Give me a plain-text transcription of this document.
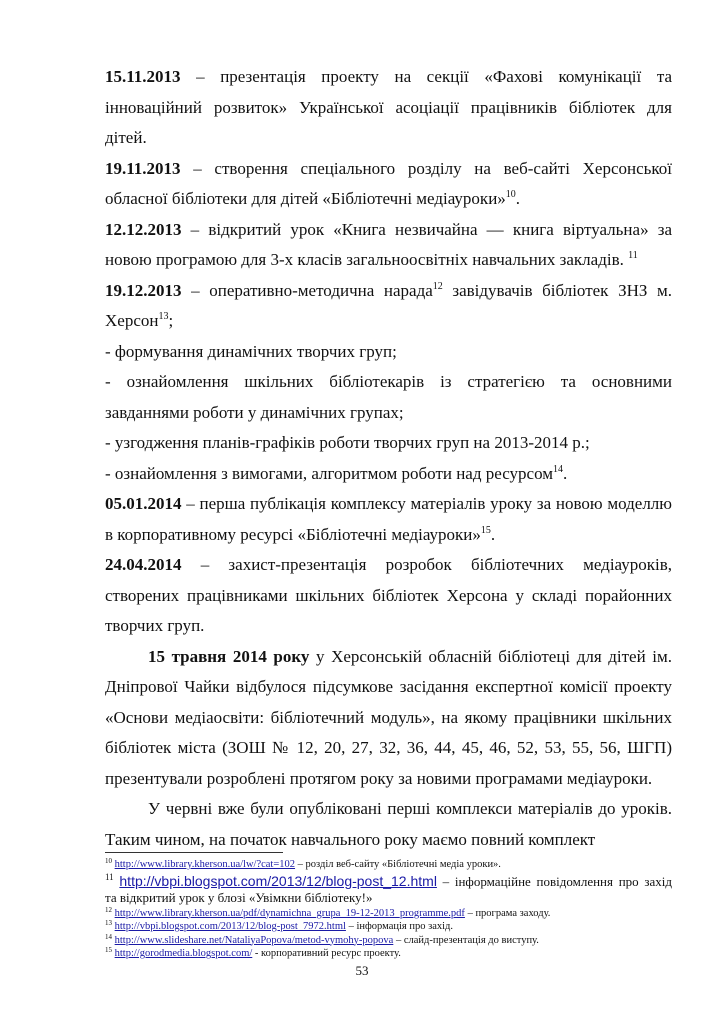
15.11.2013 – презентація проекту на секції «Фахові комунікації та інноваційний розвиток» Української асоціації працівників бібліотек для дітей.

19.11.2013 – створення спеціального розділу на веб-сайті Херсонської обласної бібліотеки для дітей «Бібліотечні медіауроки»$^{10}$.

12.12.2013 – відкритий урок «Книга незвичайна — книга віртуальна» за новою програмою для 3-х класів загальноосвітніх навчальних закладів. $^{11}$

19.12.2013 – оперативно-методична нарада$^{12}$ завідувачів бібліотек ЗНЗ м. Херсон$^{13}$;

- формування динамічних творчих груп;

- ознайомлення шкільних бібліотекарів із стратегією та основними завданнями роботи у динамічних групах;

- узгодження планів-графіків роботи творчих груп на 2013-2014 р.;

- ознайомлення з вимогами, алгоритмом роботи над ресурсом$^{14}$.

05.01.2014 – перша публікація комплексу матеріалів уроку за новою моделлю в корпоративному ресурсі «Бібліотечні медіауроки»$^{15}$.

24.04.2014 – захист-презентація розробок бібліотечних медіауроків, створених працівниками шкільних бібліотек Херсона у складі порайонних творчих груп.

15 травня 2014 року у Херсонській обласній бібліотеці для дітей ім. Дніпрової Чайки відбулося підсумкове засідання експертної комісії проекту «Основи медіаосвіти: бібліотечний модуль», на якому працівники шкільних бібліотек міста (ЗОШ № 12, 20, 27, 32, 36, 44, 45, 46, 52, 53, 55, 56, ШГП) презентували розроблені протягом року за новими програмами медіауроки.

У червні вже були опубліковані перші комплекси матеріалів до уроків. Таким чином, на початок навчального року маємо повний комплект

$^{10}$ http://www.library.kherson.ua/lw/?cat=102 – розділ веб-сайту «Бібліотечні медіа уроки».

$^{11}$ http://vbpi.blogspot.com/2013/12/blog-post_12.html – інформаційне повідомлення про захід та відкритий урок у блозі «Увімкни бібліотеку!»

$^{12}$ http://www.library.kherson.ua/pdf/dynamichna_grupa_19-12-2013_programme.pdf – програма заходу.

$^{13}$ http://vbpi.blogspot.com/2013/12/blog-post_7972.html – інформація про захід.

$^{14}$ http://www.slideshare.net/NataliyaPopova/metod-vymohy-popova – слайд-презентація до виступу.

$^{15}$ http://gorodmedia.blogspot.com/ - корпоративний ресурс проекту.

53
